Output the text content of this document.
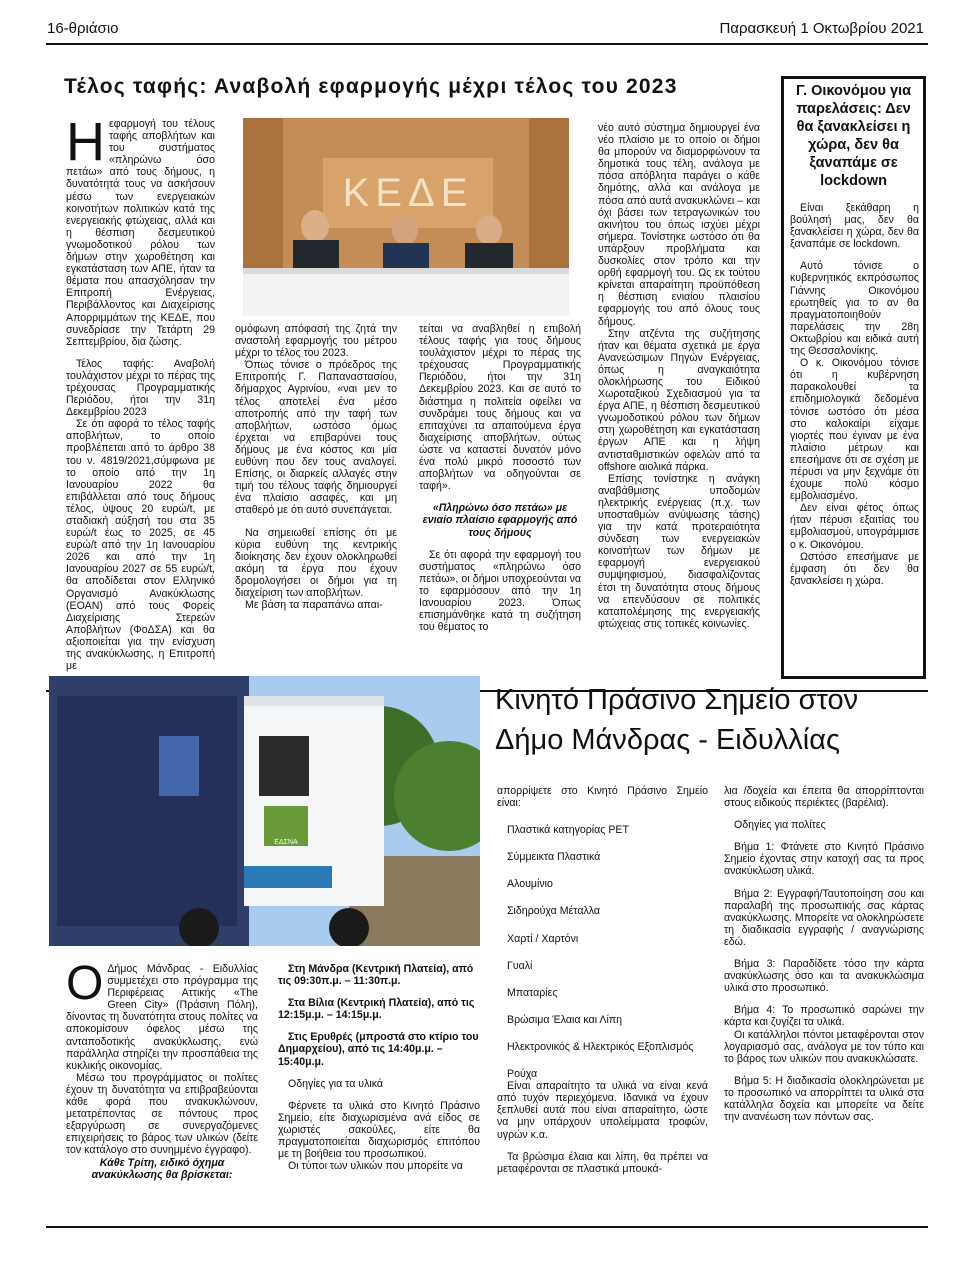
16-θριάσιο	Παρασκευή 1 Οκτωβρίου 2021
Τέλος ταφής: Αναβολή εφαρμογής μέχρι τέλος του 2023
ΚΕΔΕ
Η εφαρμογή του τέλους ταφής αποβλήτων και του συστήματος «πληρώνω όσο πετάω» από τους δήμους, η δυνατότητά τους να ασκήσουν μέσω των ενεργειακών κοινοτήτων πολιτικών κατά της ενεργειακής φτώχειας, αλλά και η θέσπιση δεσμευτικού γνωμοδοτικού ρόλου των δήμων στην χωροθέτηση και εγκατάσταση των ΑΠΕ, ήταν τα θέματα που απασχόλησαν την Επιτροπή Ενέργειας, Περιβάλλοντος και Διαχείρισης Απορριμμάτων της ΚΕΔΕ, που συνεδρίασε την Τετάρτη 29 Σεπτεμβρίου, δια ζώσης.

Τέλος ταφής: Αναβολή τουλάχιστον μέχρι το πέρας της τρέχουσας Προγραμματικής Περιόδου, ήτοι την 31η Δεκεμβρίου 2023

Σε ότι αφορά το τέλος ταφής αποβλήτων, το οποίο προβλέπεται από το άρθρο 38 του ν. 4819/2021,σύμφωνα με το οποίο από την 1η Ιανουαρίου 2022 θα επιβάλλεται από τους δήμους τέλος, ύψους 20 ευρώ/t, με σταδιακή αύξησή του στα 35 ευρώ/t έως το 2025, σε 45 ευρώ/t από την 1η Ιανουαρίου 2026 και από την 1η Ιανουαρίου 2027 σε 55 ευρώ/t, θα αποδίδεται στον Ελληνικό Οργανισμό Ανακύκλωσης (ΕΟΑΝ) από τους Φορείς Διαχείρισης Στερεών Αποβλήτων (ΦοΔΣΑ) και θα αξιοποιείται για την ενίσχυση της ανακύκλωσης, η Επιτροπή με

ομόφωνη απόφασή της ζητά την αναστολή εφαρμογής του μέτρου μέχρι το τέλος του 2023.

Όπως τόνισε ο πρόεδρος της Επιτροπής Γ. Παπαναστασίου, δήμαρχος Αγρινίου, «ναι μεν το τέλος αποτελεί ένα μέσο αποτροπής από την ταφή των αποβλήτων, ωστόσο όμως έρχεται να επιβαρύνει τους δήμους με ένα κόστος και μία ευθύνη που δεν τους αναλογεί. Επίσης, οι διαρκείς αλλαγές στην τιμή του τέλους ταφής δημιουργεί ένα πλαίσιο ασαφές, και μη σταθερό με ότι αυτό συνεπάγεται.

Να σημειωθεί επίσης ότι με κύρια ευθύνη της κεντρικής διοίκησης δεν έχουν ολοκληρωθεί ακόμη τα έργα που έχουν δρομολογήσει οι δήμοι για τη διαχείριση των αποβλήτων.

Με βάση τα παραπάνω απαι-

τείται να αναβληθεί η επιβολή τέλους ταφής για τους δήμους τουλάχιστον μέχρι το πέρας της τρέχουσας Προγραμματικής Περιόδου, ήτοι την 31η Δεκεμβρίου 2023. Και σε αυτό το διάστημα η πολιτεία οφείλει να συνδράμει τους δήμους και να επιταχύνει τα απαιτούμενα έργα διαχείρισης αποβλήτων, ούτως ώστε να καταστεί δυνατόν μόνο ένα πολύ μικρό ποσοστό των αποβλήτων να οδηγούνται σε ταφή».

«Πληρώνω όσο πετάω» με ενιαίο πλαίσιο εφαρμογής από τους δήμους

Σε ότι αφορά την εφαρμογή του συστήματος «πληρώνω όσο πετάω», οι δήμοι υποχρεούνται να το εφαρμόσουν από την 1η Ιανουαρίου 2023. Όπως επισημάνθηκε κατά τη συζήτηση του θέματος το

νέο αυτό σύστημα δημιουργεί ένα νέο πλαίσιο με το οποίο οι δήμοι θα μπορούν να διαμορφώνουν τα δημοτικά τους τέλη, ανάλογα με πόσα απόβλητα παράγει ο κάθε δημότης, αλλά και ανάλογα με πόσα από αυτά ανακυκλώνει – και όχι βάσει των τετραγωνικών του ακινήτου του όπως ισχύει μέχρι σήμερα. Τονίστηκε ωστόσο ότι θα υπάρξουν προβλήματα και δυσκολίες στον τρόπο και την ορθή εφαρμογή του. Ως εκ τούτου κρίνεται απαραίτητη προϋπόθεση η θέσπιση ενιαίου πλαισίου εφαρμογής του από όλους τους δήμους.

Στην ατζέντα της συζήτησης ήταν και θέματα σχετικά με έργα Ανανεώσιμων Πηγών Ενέργειας, όπως η αναγκαιότητα ολοκλήρωσης του Ειδικού Χωροταξικού Σχεδιασμού για τα έργα ΑΠΕ, η θέσπιση δεσμευτικού γνωμοδοτικού ρόλου των δήμων στη χωροθέτηση και εγκατάσταση έργων ΑΠΕ και η λήψη αντισταθμιστικών οφελών από τα offshore αιολικά πάρκα.

Επίσης τονίστηκε η ανάγκη αναβάθμισης υποδομών ηλεκτρικής ενέργειας (π.χ. των υποσταθμών ανύψωσης τάσης) για την κατά προτεραιότητα σύνδεση των ενεργειακών κοινοτήτων των δήμων με εφαρμογή ενεργειακού συμψηφισμού, διασφαλίζοντας έτσι τη δυνατότητα στους δήμους να επενδύσουν σε πολιτικές καταπολέμησης της ενεργειακής φτώχειας στις τοπικές κοινωνίες.

Γ. Οικονόμου για παρελάσεις: Δεν θα ξανακλείσει η χώρα, δεν θα ξαναπάμε σε lockdown

Είναι ξεκάθαρη η βούλησή μας, δεν θα ξανακλείσει η χώρα, δεν θα ξαναπάμε σε lockdown.

Αυτό τόνισε ο κυβερνητικός εκπρόσωπος Γιάννης Οικονόμου ερωτηθείς για το αν θα πραγματοποιηθούν παρελάσεις την 28η Οκτωβρίου και ειδικά αυτή της Θεσσαλονίκης.

Ο κ. Οικονόμου τόνισε ότι η κυβέρνηση παρακολουθεί τα επιδημιολογικά δεδομένα τόνισε ωστόσο ότι μέσα στο καλοκαίρι είχαμε γιορτές που έγιναν με ένα πλαίσιο μέτρων και επεσήμανε ότι σε σχέση με πέρυσι να μην ξεχνάμε ότι έχουμε πολύ κόσμο εμβολιασμένο.

Δεν είναι φέτος όπως ήταν πέρυσι εξαιτίας του εμβολιασμού, υπογράμμισε ο κ. Οικονόμου.

Ωστόσο επεσήμανε με έμφαση ότι δεν θα ξανακλείσει η χώρα.

ΕΔΣΝΑ
Κινητό Πράσινο Σημείο στον
Δήμο Μάνδρας - Ειδυλλίας
Ο Δήμος Μάνδρας - Ειδυλλίας συμμετέχει στο πρόγραμμα της Περιφέρειας Αττικής «The Green City» (Πράσινη Πόλη), δίνοντας τη δυνατότητα στους πολίτες να αποκομίσουν όφελος μέσω της ανταποδοτικής ανακύκλωσης, ενώ παράλληλα στηρίζει την προσπάθεια της κυκλικής οικονομίας.

Μέσω του προγράμματος οι πολίτες έχουν τη δυνατότητα να επιβραβεύονται κάθε φορά που ανακυκλώνουν, μετατρέποντας σε πόντους προς εξαργύρωση σε συνεργαζόμενες επιχειρήσεις το βάρος των υλικών (δείτε τον κατάλογο στο συνημμένο έγγραφο).

Κάθε Τρίτη, ειδικό όχημα ανακύκλωσης θα βρίσκεται:

Στη Μάνδρα (Κεντρική Πλατεία), από τις 09:30π.μ. – 11:30π.μ.

Στα Βίλια (Κεντρική Πλατεία), από τις 12:15μ.μ. – 14:15μ.μ.

Στις Ερυθρές (μπροστά στο κτίριο του Δημαρχείου), από τις 14:40μ.μ. – 15:40μ.μ.

Οδηγίες για τα υλικά

Φέρνετε τα υλικά στο Κινητό Πράσινο Σημείο, είτε διαχωρισμένα ανά είδος σε χωριστές σακούλες, είτε θα πραγματοποιείται διαχωρισμός επιτόπου με τη βοήθεια του προσωπικού.

Οι τύποι των υλικών που μπορείτε να

απορρίψετε στο Κινητό Πράσινο Σημείο είναι:

Πλαστικά κατηγορίας PET

Σύμμεικτα Πλαστικά

Αλουμίνιο

Σιδηρούχα Μέταλλα

Χαρτί / Χαρτόνι

Γυαλί

Μπαταρίες

Βρώσιμα Έλαια και Λίπη

Ηλεκτρονικός & Ηλεκτρικός Εξοπλισμός

Ρούχα

Είναι απαραίτητο τα υλικά να είναι κενά από τυχόν περιεχόμενα. Ιδανικά να έχουν ξεπλυθεί αυτά που είναι απαραίτητο, ώστε να μην υπάρχουν υπολείμματα τροφών, υγρών κ.α.

Τα βρώσιμα έλαια και λίπη, θα πρέπει να μεταφέρονται σε πλαστικά μπουκά-

λια /δοχεία και έπειτα θα απορρίπτονται στους ειδικούς περιέκτες (βαρέλια).

Οδηγίες για πολίτες

Βήμα 1: Φτάνετε στο Κινητό Πράσινο Σημείο έχοντας στην κατοχή σας τα προς ανακύκλωση υλικά.

Βήμα 2: Εγγραφή/Ταυτοποίηση σου και παραλαβή της προσωπικής σας κάρτας ανακύκλωσης. Μπορείτε να ολοκληρώσετε τη διαδικασία εγγραφής / αναγνώρισης εδώ.

Βήμα 3: Παραδίδετε τόσο την κάρτα ανακύκλωσης όσο και τα ανακυκλώσιμα υλικά στο προσωπικό.

Βήμα 4: Το προσωπικό σαρώνει την κάρτα και ζυγίζει τα υλικά.

Οι κατάλληλοι πόντοι μεταφέρονται στον λογαριασμό σας, ανάλογα με τον τύπο και το βάρος των υλικών που ανακυκλώσατε.

Βήμα 5: Η διαδικασία ολοκληρώνεται με το προσωπικό να απορρίπτει τα υλικά στα κατάλληλα δοχεία και μπορείτε να δείτε την ανανέωση των πόντων σας.
